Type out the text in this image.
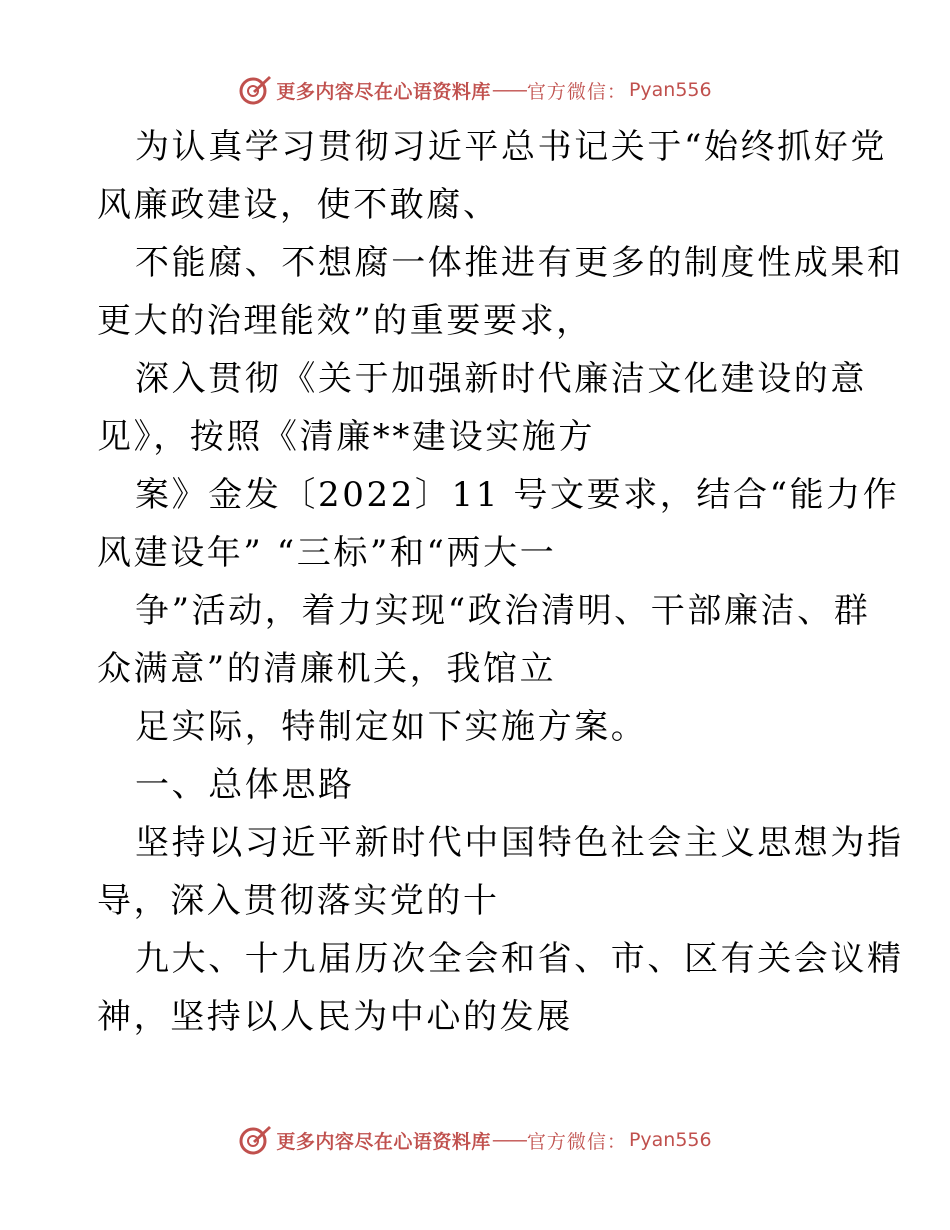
更多内容尽在心语资料库 —— 官方微信： Pyan556
为认真学习贯彻习近平总书记关于“始终抓好党
风廉政建设，使不敢腐、
不能腐、不想腐一体推进有更多的制度性成果和
更大的治理能效”的重要要求，
深入贯彻《关于加强新时代廉洁文化建设的意
见》，按照《清廉**建设实施方
案》金发〔2022〕11 号文要求，结合“能力作
风建设年” “三标”和“两大一
争”活动，着力实现“政治清明、干部廉洁、群
众满意”的清廉机关，我馆立
足实际，特制定如下实施方案。
一、总体思路
坚持以习近平新时代中国特色社会主义思想为指
导，深入贯彻落实党的十
九大、十九届历次全会和省、市、区有关会议精
神，坚持以人民为中心的发展
更多内容尽在心语资料库 —— 官方微信： Pyan556
